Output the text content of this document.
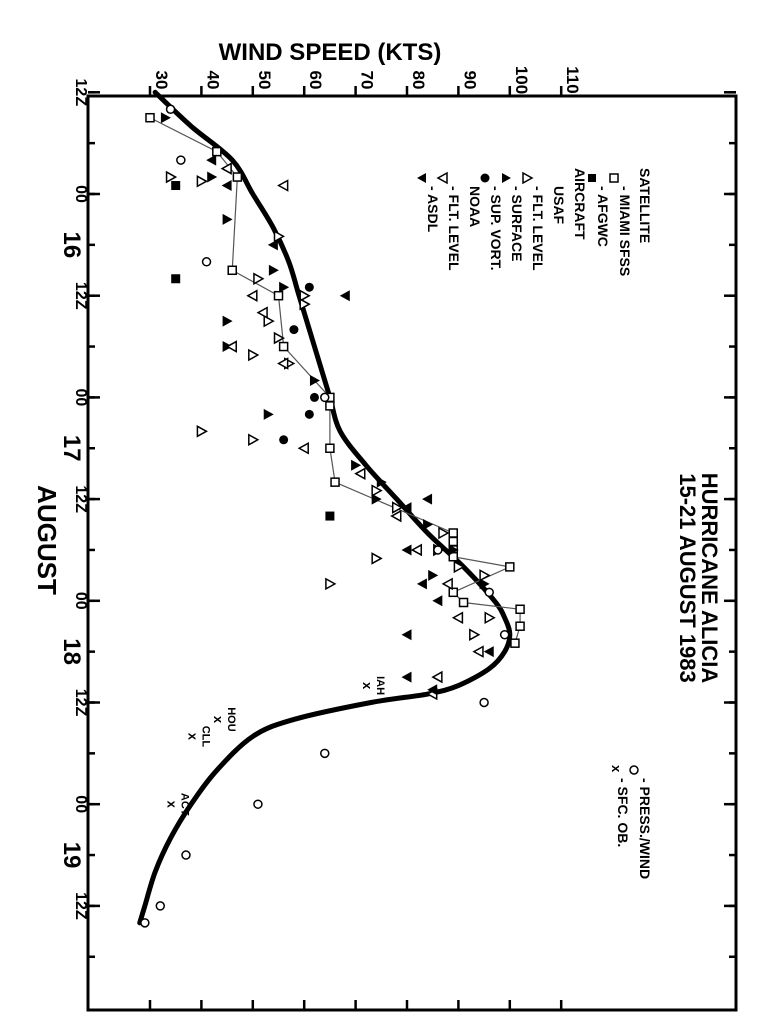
WIND SPEED (KTS)
AUGUST	HURRICANE ALICIA
15-21 AUGUST 1983
SATELLITE
- MIAMI SFSS
- AFGWC
AIRCRAFT
USAF
- FLT. LEVEL
- SURFACE
- SUP. VORT.
NOAA
- FLT. LEVEL
- ASDL
- PRESS./WIND
x
- SFC. OB.
30 40 50 60 70 80 90 100 110
12Z
00
16
12Z
00
17
12Z
00
18
12Z
00
19
12Z
IAH
x
HOU
x
CLL
x
ACT
x
